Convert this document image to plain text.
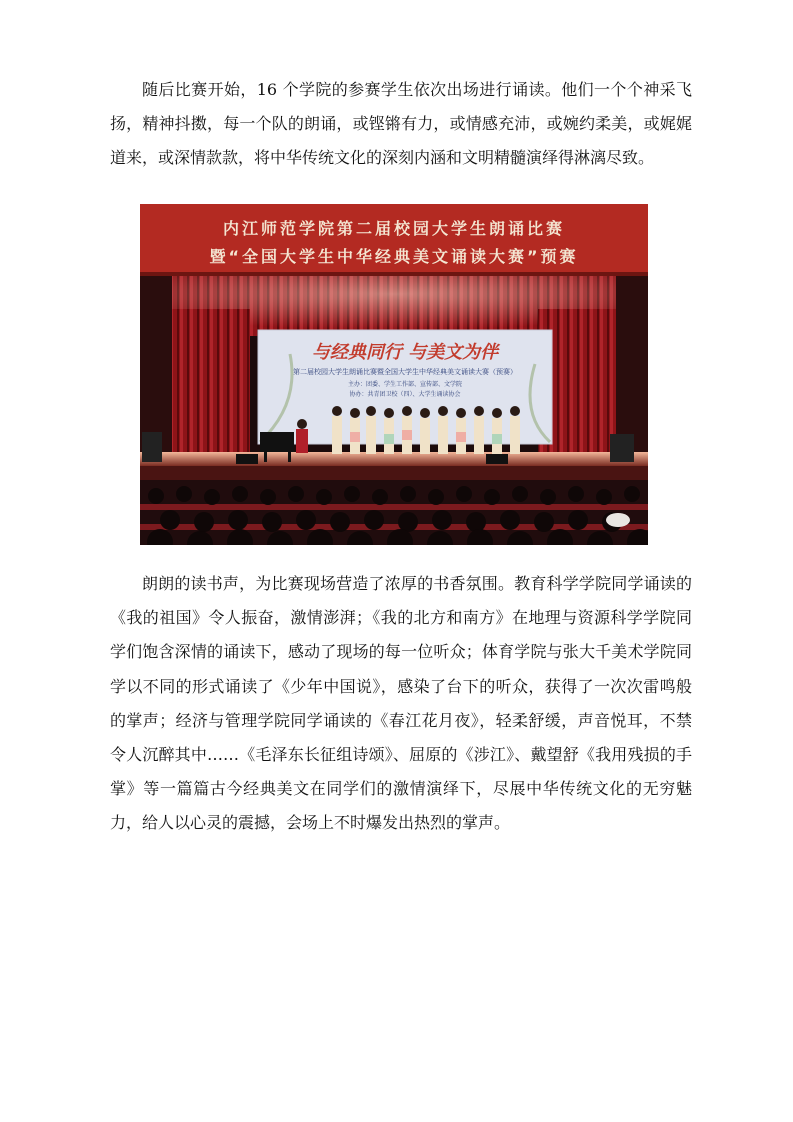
随后比赛开始，16 个学院的参赛学生依次出场进行诵读。他们一个个神采飞扬，精神抖擞，每一个队的朗诵，或铿锵有力，或情感充沛，或婉约柔美，或娓娓道来，或深情款款，将中华传统文化的深刻内涵和文明精髓演绎得淋漓尽致。

内江师范学院第二届校园大学生朗诵比赛
暨“全国大学生中华经典美文诵读大赛”预赛
与经典同行 与美文为伴
第二届校园大学生朗诵比赛暨全国大学生中华经典美文诵读大赛（预赛）
主办：团委、学生工作部、宣传部、文学院
协办：共青团卫校（四）、大学生诵读协会

朗朗的读书声，为比赛现场营造了浓厚的书香氛围。教育科学学院同学诵读的《我的祖国》令人振奋，激情澎湃；《我的北方和南方》在地理与资源科学学院同学们饱含深情的诵读下，感动了现场的每一位听众；体育学院与张大千美术学院同学以不同的形式诵读了《少年中国说》，感染了台下的听众，获得了一次次雷鸣般的掌声；经济与管理学院同学诵读的《春江花月夜》，轻柔舒缓，声音悦耳，不禁令人沉醉其中……《毛泽东长征组诗颂》、屈原的《涉江》、戴望舒《我用残损的手掌》等一篇篇古今经典美文在同学们的激情演绎下，尽展中华传统文化的无穷魅力，给人以心灵的震撼，会场上不时爆发出热烈的掌声。
